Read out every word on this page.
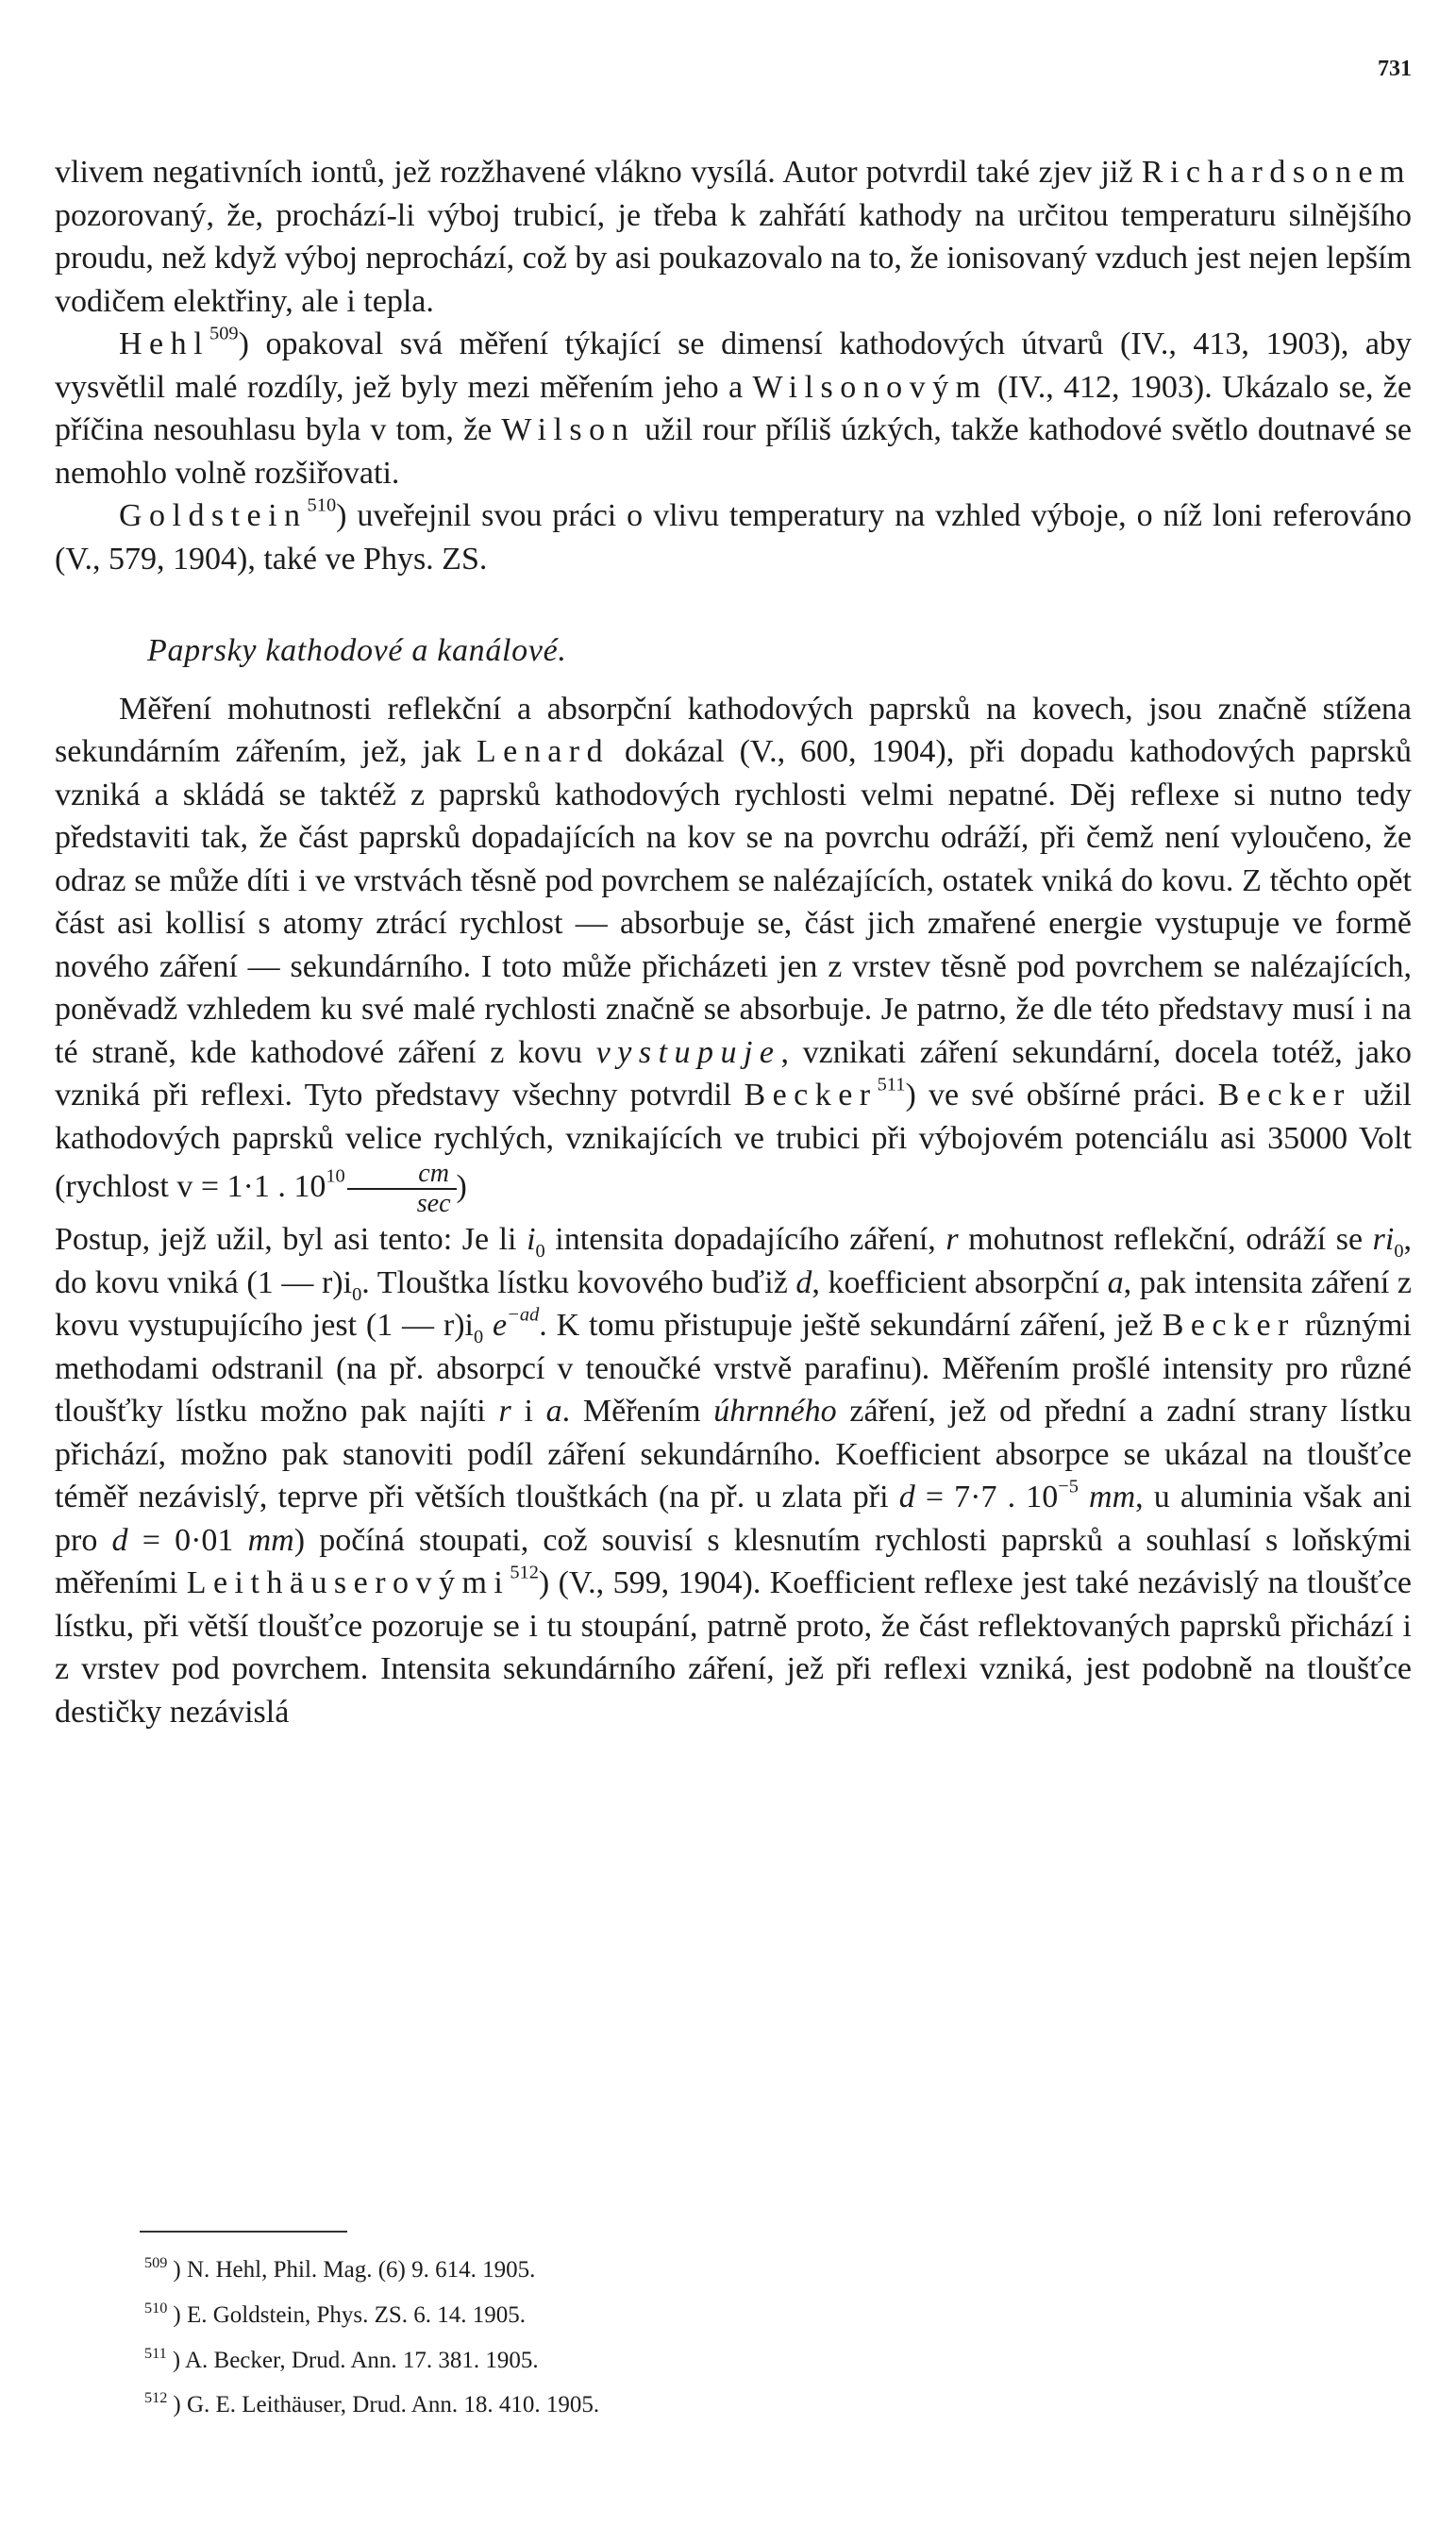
731

vlivem negativních iontů, jež rozžhavené vlákno vysílá. Autor potvrdil také zjev již Richardsonem pozorovaný, že, prochází-li výboj trubicí, je třeba k zahřátí kathody na určitou temperaturu silnějšího proudu, než když výboj neprochází, což by asi poukazovalo na to, že ionisovaný vzduch jest nejen lepším vodičem elektřiny, ale i tepla.

Hehl$^{509}$) opakoval svá měření týkající se dimensí kathodových útvarů (IV., 413, 1903), aby vysvětlil malé rozdíly, jež byly mezi měřením jeho a Wilsonovým (IV., 412, 1903). Ukázalo se, že příčina nesouhlasu byla v tom, že Wilson užil rour příliš úzkých, takže kathodové světlo doutnavé se nemohlo volně rozšiřovati.

Goldstein$^{510}$) uveřejnil svou práci o vlivu temperatury na vzhled výboje, o níž loni referováno (V., 579, 1904), také ve Phys. ZS.

Paprsky kathodové a kanálové.

Měření mohutnosti reflekční a absorpční kathodových paprsků na kovech, jsou značně stížena sekundárním zářením, jež, jak Lenard dokázal (V., 600, 1904), při dopadu kathodových paprsků vzniká a skládá se taktéž z paprsků kathodových rychlosti velmi nepatné. Děj reflexe si nutno tedy představiti tak, že část paprsků dopadajících na kov se na povrchu odráží, při čemž není vyloučeno, že odraz se může díti i ve vrstvách těsně pod povrchem se nalézajících, ostatek vniká do kovu. Z těchto opět část asi kollisí s atomy ztrácí rychlost — absorbuje se, část jich zmařené energie vystupuje ve formě nového záření — sekundárního. I toto může přicházeti jen z vrstev těsně pod povrchem se nalézajících, poněvadž vzhledem ku své malé rychlosti značně se absorbuje. Je patrno, že dle této představy musí i na té straně, kde kathodové záření z kovu vystupuje, vznikati záření sekundární, docela totéž, jako vzniká při reflexi. Tyto představy všechny potvrdil Becker$^{511}$) ve své obšírné práci. Becker užil kathodových paprsků velice rychlých, vznikajících ve trubici při výbojovém potenciálu asi 35000 Volt (rychlost v = 1·1 . $10^{10} \frac{cm}{\sec}$ )

Postup, jejž užil, byl asi tento: Je li $i_0$ intensita dopadajícího záření, r mohutnost reflekční, odráží se $ri_0$, do kovu vniká (1 — $r)i_0$. Tlouštka lístku kovového buďiž d, koefficient absorpční a, pak intensita záření z kovu vystupujícího jest (1 — $r)i_0$ $e^{-ad}$. K tomu přistupuje ještě sekundární záření, jež Becker různými methodami odstranil (na př. absorpcí v tenoučké vrstvě parafinu). Měřením prošlé intensity pro různé tloušťky lístku možno pak najíti r i a. Měřením úhrnného záření, jež od přední a zadní strany lístku přichází, možno pak stanoviti podíl záření sekundárního. Koefficient absorpce se ukázal na tloušťce téměř nezávislý, teprve při větších tlouštkách (na př. u zlata při d = 7·7 . $10^{-5}$ mm, u aluminia však ani pro d = 0·01 mm) počíná stoupati, což souvisí s klesnutím rychlosti paprsků a souhlasí s loňskými měřeními Leithäuserovými$^{512}$) (V., 599, 1904). Koefficient reflexe jest také nezávislý na tloušťce lístku, při větší tloušťce pozoruje se i tu stoupání, patrně proto, že část reflektovaných paprsků přichází i z vrstev pod povrchem. Intensita sekundárního záření, jež při reflexi vzniká, jest podobně na tloušťce destičky nezávislá

$^{509}$ ) N. Hehl, Phil. Mag. (6) 9. 614. 1905.
$^{510}$ ) E. Goldstein, Phys. ZS. 6. 14. 1905.
$^{511}$ ) A. Becker, Drud. Ann. 17. 381. 1905.
$^{512}$ ) G. E. Leithäuser, Drud. Ann. 18. 410. 1905.
